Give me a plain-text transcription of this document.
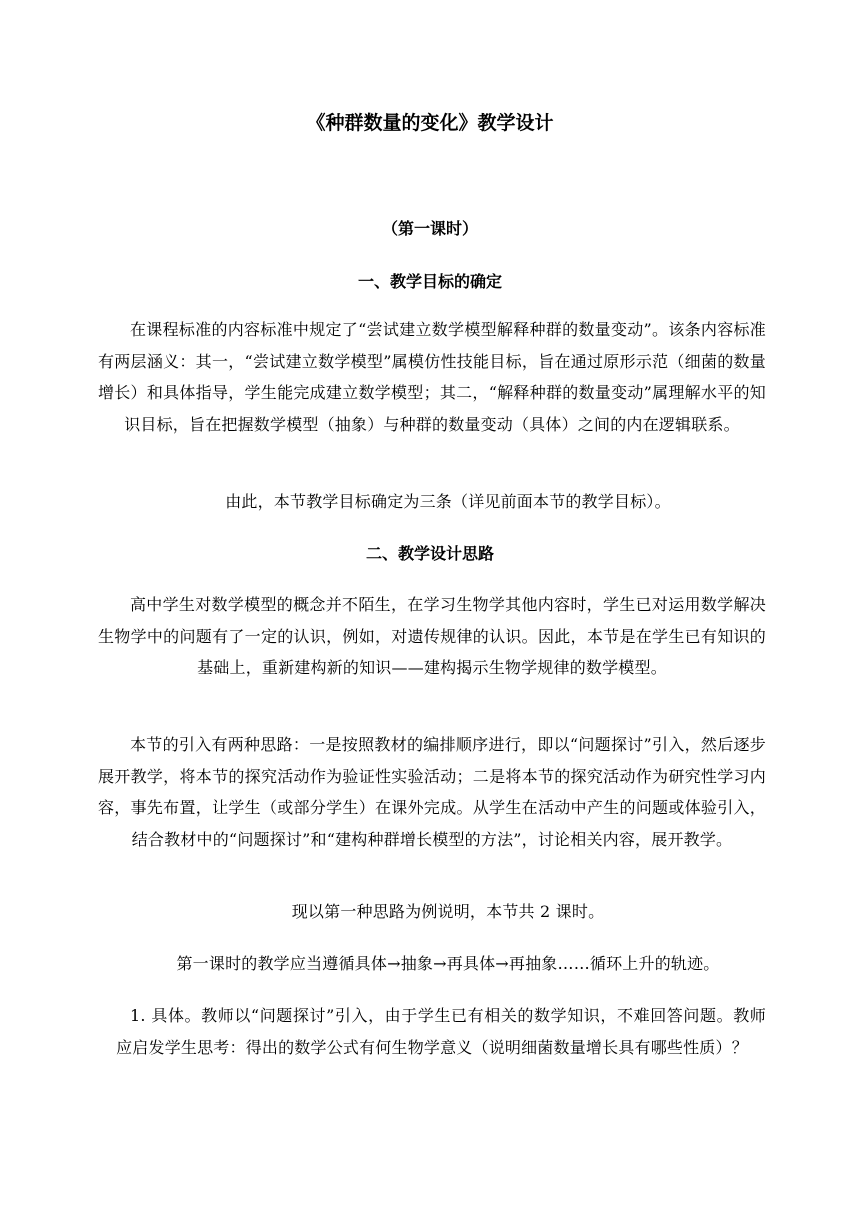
《种群数量的变化》教学设计
（第一课时）
一、教学目标的确定
在课程标准的内容标准中规定了“尝试建立数学模型解释种群的数量变动”。该条内容标准有两层涵义：其一，“尝试建立数学模型”属模仿性技能目标，旨在通过原形示范（细菌的数量增长）和具体指导，学生能完成建立数学模型；其二，“解释种群的数量变动”属理解水平的知识目标，旨在把握数学模型（抽象）与种群的数量变动（具体）之间的内在逻辑联系。
由此，本节教学目标确定为三条（详见前面本节的教学目标）。
二、教学设计思路
高中学生对数学模型的概念并不陌生，在学习生物学其他内容时，学生已对运用数学解决生物学中的问题有了一定的认识，例如，对遗传规律的认识。因此，本节是在学生已有知识的基础上，重新建构新的知识——建构揭示生物学规律的数学模型。
本节的引入有两种思路：一是按照教材的编排顺序进行，即以“问题探讨”引入，然后逐步展开教学，将本节的探究活动作为验证性实验活动；二是将本节的探究活动作为研究性学习内容，事先布置，让学生（或部分学生）在课外完成。从学生在活动中产生的问题或体验引入，结合教材中的“问题探讨”和“建构种群增长模型的方法”，讨论相关内容，展开教学。
现以第一种思路为例说明，本节共 2 课时。
第一课时的教学应当遵循具体→抽象→再具体→再抽象……循环上升的轨迹。
1. 具体。教师以“问题探讨”引入，由于学生已有相关的数学知识，不难回答问题。教师应启发学生思考：得出的数学公式有何生物学意义（说明细菌数量增长具有哪些性质）？
